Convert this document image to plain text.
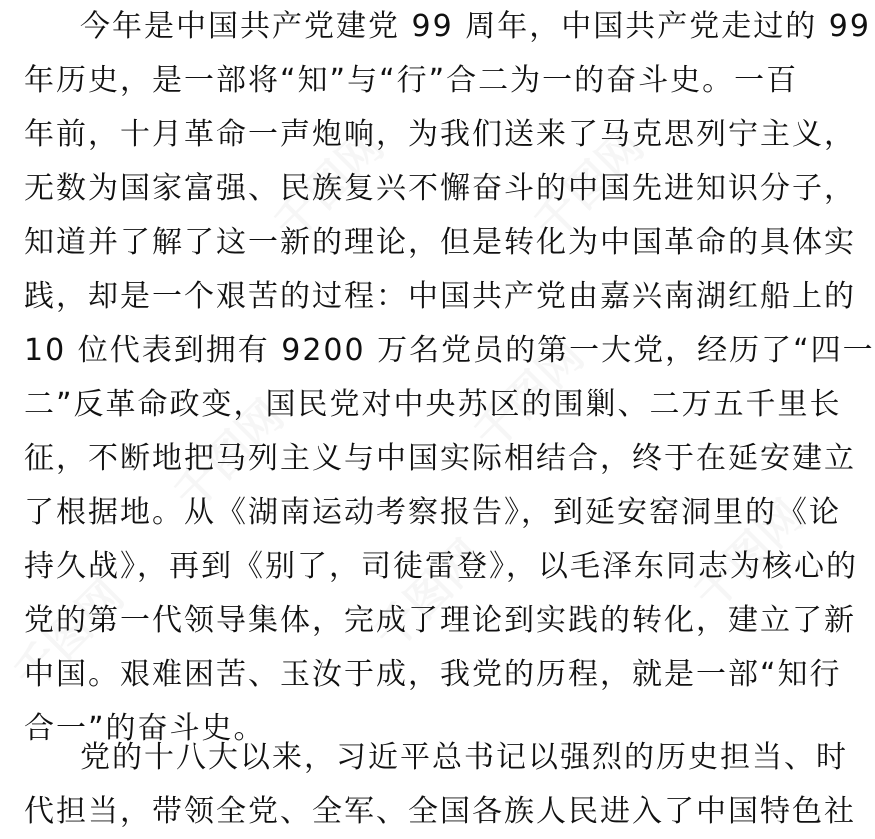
今年是中国共产党建党 99 周年，中国共产党走过的 99
年历史，是一部将“知”与“行”合二为一的奋斗史。一百
年前，十月革命一声炮响，为我们送来了马克思列宁主义，
无数为国家富强、民族复兴不懈奋斗的中国先进知识分子，
知道并了解了这一新的理论，但是转化为中国革命的具体实
践，却是一个艰苦的过程：中国共产党由嘉兴南湖红船上的
10 位代表到拥有 9200 万名党员的第一大党，经历了“四一
二”反革命政变，国民党对中央苏区的围剿、二万五千里长
征，不断地把马列主义与中国实际相结合，终于在延安建立
了根据地。从《湖南运动考察报告》，到延安窑洞里的《论
持久战》，再到《别了，司徒雷登》，以毛泽东同志为核心的
党的第一代领导集体，完成了理论到实践的转化，建立了新
中国。艰难困苦、玉汝于成，我党的历程，就是一部“知行
合一”的奋斗史。
党的十八大以来，习近平总书记以强烈的历史担当、时
代担当，带领全党、全军、全国各族人民进入了中国特色社
